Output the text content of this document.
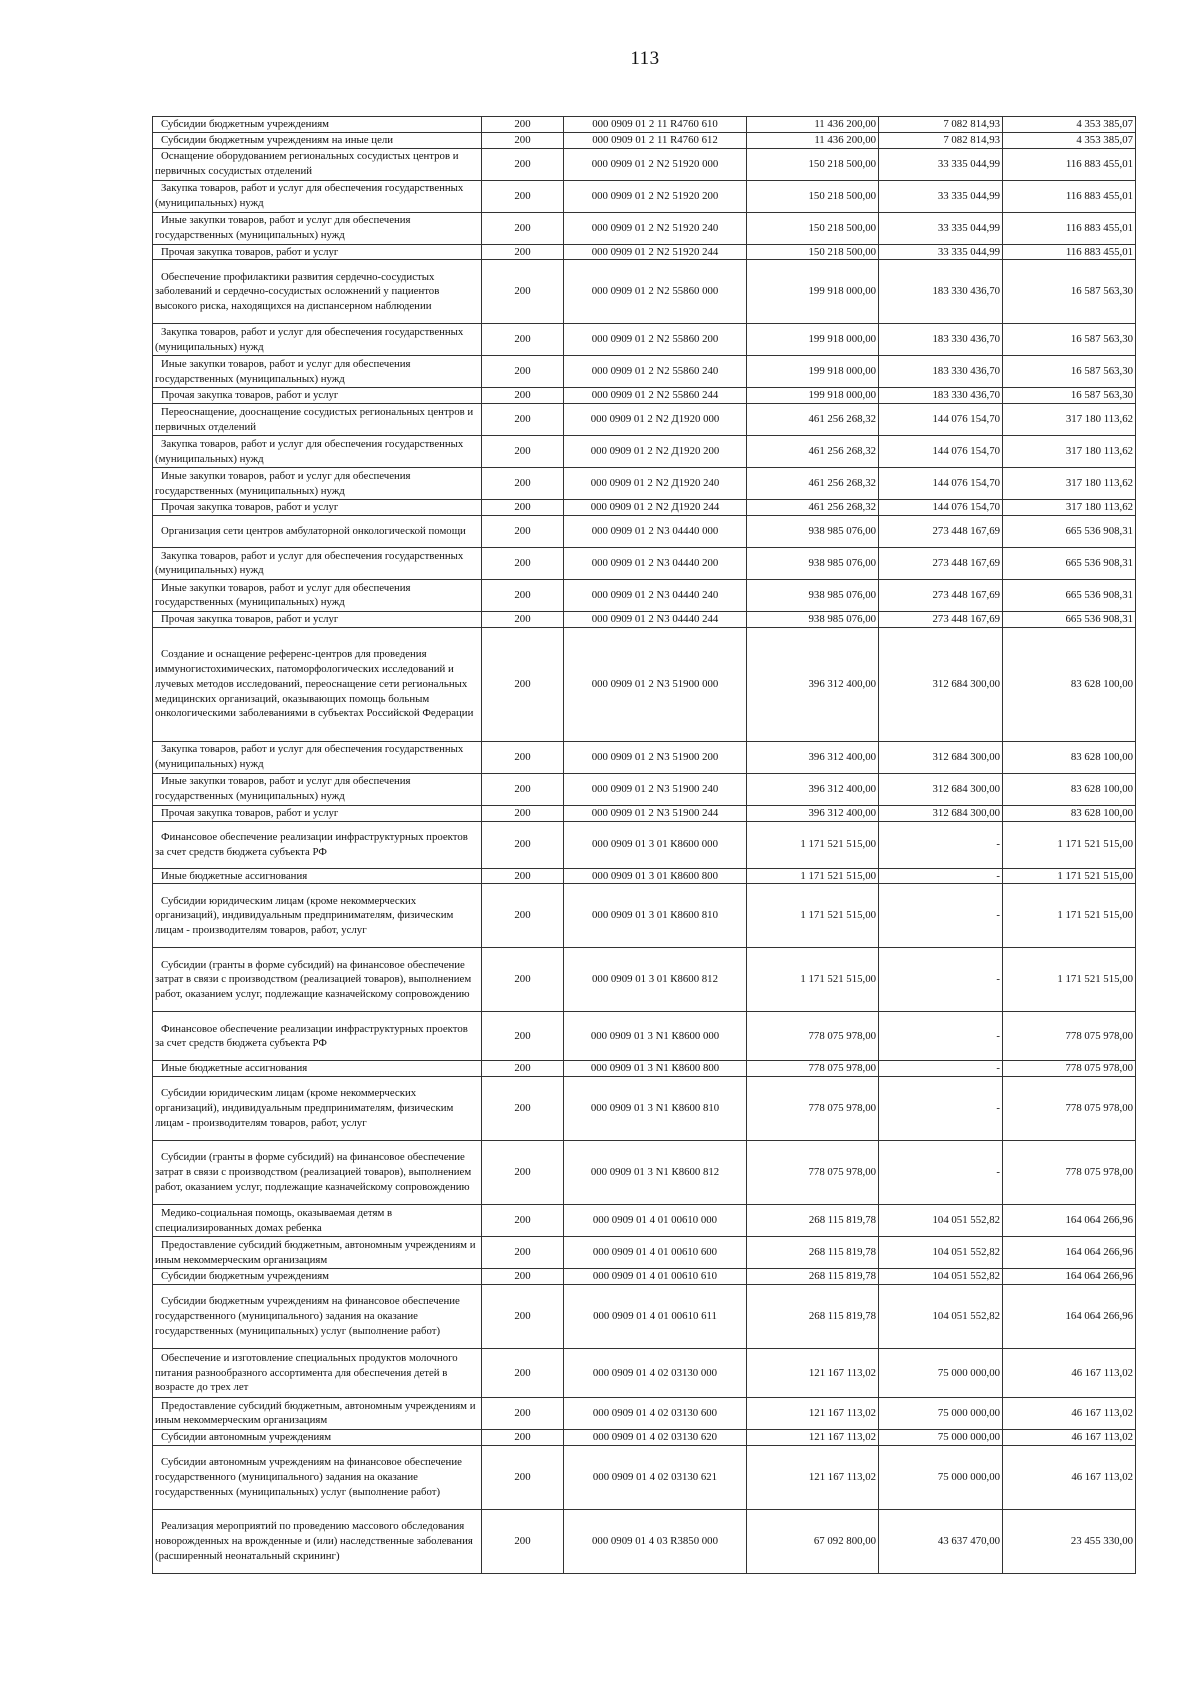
113
Субсидии бюджетным учреждениям	200	000 0909 01 2 11 R4760 610	11 436 200,00	7 082 814,93	4 353 385,07

Субсидии бюджетным учреждениям на иные цели	200	000 0909 01 2 11 R4760 612	11 436 200,00	7 082 814,93	4 353 385,07

Оснащение оборудованием региональных сосудистых центров и первичных сосудистых отделений	200	000 0909 01 2 N2 51920 000	150 218 500,00	33 335 044,99	116 883 455,01

Закупка товаров, работ и услуг для обеспечения государственных (муниципальных) нужд	200	000 0909 01 2 N2 51920 200	150 218 500,00	33 335 044,99	116 883 455,01

Иные закупки товаров, работ и услуг для обеспечения государственных (муниципальных) нужд	200	000 0909 01 2 N2 51920 240	150 218 500,00	33 335 044,99	116 883 455,01

Прочая закупка товаров, работ и услуг	200	000 0909 01 2 N2 51920 244	150 218 500,00	33 335 044,99	116 883 455,01

Обеспечение профилактики развития сердечно-сосудистых заболеваний и сердечно-сосудистых осложнений у пациентов высокого риска, находящихся на диспансерном наблюдении	200	000 0909 01 2 N2 55860 000	199 918 000,00	183 330 436,70	16 587 563,30

Закупка товаров, работ и услуг для обеспечения государственных (муниципальных) нужд	200	000 0909 01 2 N2 55860 200	199 918 000,00	183 330 436,70	16 587 563,30

Иные закупки товаров, работ и услуг для обеспечения государственных (муниципальных) нужд	200	000 0909 01 2 N2 55860 240	199 918 000,00	183 330 436,70	16 587 563,30

Прочая закупка товаров, работ и услуг	200	000 0909 01 2 N2 55860 244	199 918 000,00	183 330 436,70	16 587 563,30

Переоснащение, дооснащение сосудистых региональных центров и первичных отделений	200	000 0909 01 2 N2 Д1920 000	461 256 268,32	144 076 154,70	317 180 113,62

Закупка товаров, работ и услуг для обеспечения государственных (муниципальных) нужд	200	000 0909 01 2 N2 Д1920 200	461 256 268,32	144 076 154,70	317 180 113,62

Иные закупки товаров, работ и услуг для обеспечения государственных (муниципальных) нужд	200	000 0909 01 2 N2 Д1920 240	461 256 268,32	144 076 154,70	317 180 113,62

Прочая закупка товаров, работ и услуг	200	000 0909 01 2 N2 Д1920 244	461 256 268,32	144 076 154,70	317 180 113,62

Организация сети центров амбулаторной онкологической помощи	200	000 0909 01 2 N3 04440 000	938 985 076,00	273 448 167,69	665 536 908,31

Закупка товаров, работ и услуг для обеспечения государственных (муниципальных) нужд	200	000 0909 01 2 N3 04440 200	938 985 076,00	273 448 167,69	665 536 908,31

Иные закупки товаров, работ и услуг для обеспечения государственных (муниципальных) нужд	200	000 0909 01 2 N3 04440 240	938 985 076,00	273 448 167,69	665 536 908,31

Прочая закупка товаров, работ и услуг	200	000 0909 01 2 N3 04440 244	938 985 076,00	273 448 167,69	665 536 908,31

Создание и оснащение референс-центров для проведения иммуногистохимических, патоморфологических исследований и лучевых методов исследований, переоснащение сети региональных медицинских организаций, оказывающих помощь больным онкологическими заболеваниями в субъектах Российской Федерации	200	000 0909 01 2 N3 51900 000	396 312 400,00	312 684 300,00	83 628 100,00

Закупка товаров, работ и услуг для обеспечения государственных (муниципальных) нужд	200	000 0909 01 2 N3 51900 200	396 312 400,00	312 684 300,00	83 628 100,00

Иные закупки товаров, работ и услуг для обеспечения государственных (муниципальных) нужд	200	000 0909 01 2 N3 51900 240	396 312 400,00	312 684 300,00	83 628 100,00

Прочая закупка товаров, работ и услуг	200	000 0909 01 2 N3 51900 244	396 312 400,00	312 684 300,00	83 628 100,00

Финансовое обеспечение реализации инфраструктурных проектов за счет средств бюджета субъекта РФ	200	000 0909 01 3 01 К8600 000	1 171 521 515,00	-	1 171 521 515,00

Иные бюджетные ассигнования	200	000 0909 01 3 01 К8600 800	1 171 521 515,00	-	1 171 521 515,00

Субсидии юридическим лицам (кроме некоммерческих организаций), индивидуальным предпринимателям, физическим лицам - производителям товаров, работ, услуг	200	000 0909 01 3 01 К8600 810	1 171 521 515,00	-	1 171 521 515,00

Субсидии (гранты в форме субсидий) на финансовое обеспечение затрат в связи с производством (реализацией товаров), выполнением работ, оказанием услуг, подлежащие казначейскому сопровождению	200	000 0909 01 3 01 К8600 812	1 171 521 515,00	-	1 171 521 515,00

Финансовое обеспечение реализации инфраструктурных проектов за счет средств бюджета субъекта РФ	200	000 0909 01 3 N1 К8600 000	778 075 978,00	-	778 075 978,00

Иные бюджетные ассигнования	200	000 0909 01 3 N1 К8600 800	778 075 978,00	-	778 075 978,00

Субсидии юридическим лицам (кроме некоммерческих организаций), индивидуальным предпринимателям, физическим лицам - производителям товаров, работ, услуг	200	000 0909 01 3 N1 К8600 810	778 075 978,00	-	778 075 978,00

Субсидии (гранты в форме субсидий) на финансовое обеспечение затрат в связи с производством (реализацией товаров), выполнением работ, оказанием услуг, подлежащие казначейскому сопровождению	200	000 0909 01 3 N1 К8600 812	778 075 978,00	-	778 075 978,00

Медико-социальная помощь, оказываемая детям в специализированных домах ребенка	200	000 0909 01 4 01 00610 000	268 115 819,78	104 051 552,82	164 064 266,96

Предоставление субсидий бюджетным, автономным учреждениям и иным некоммерческим организациям	200	000 0909 01 4 01 00610 600	268 115 819,78	104 051 552,82	164 064 266,96

Субсидии бюджетным учреждениям	200	000 0909 01 4 01 00610 610	268 115 819,78	104 051 552,82	164 064 266,96

Субсидии бюджетным учреждениям на финансовое обеспечение государственного (муниципального) задания на оказание государственных (муниципальных) услуг (выполнение работ)	200	000 0909 01 4 01 00610 611	268 115 819,78	104 051 552,82	164 064 266,96

Обеспечение и изготовление специальных продуктов молочного питания разнообразного ассортимента для обеспечения детей в возрасте до трех лет	200	000 0909 01 4 02 03130 000	121 167 113,02	75 000 000,00	46 167 113,02

Предоставление субсидий бюджетным, автономным учреждениям и иным некоммерческим организациям	200	000 0909 01 4 02 03130 600	121 167 113,02	75 000 000,00	46 167 113,02

Субсидии автономным учреждениям	200	000 0909 01 4 02 03130 620	121 167 113,02	75 000 000,00	46 167 113,02

Субсидии автономным учреждениям на финансовое обеспечение государственного (муниципального) задания на оказание государственных (муниципальных) услуг (выполнение работ)	200	000 0909 01 4 02 03130 621	121 167 113,02	75 000 000,00	46 167 113,02

Реализация мероприятий по проведению массового обследования новорожденных на врожденные и (или) наследственные заболевания (расширенный неонатальный скрининг)	200	000 0909 01 4 03 R3850 000	67 092 800,00	43 637 470,00	23 455 330,00
